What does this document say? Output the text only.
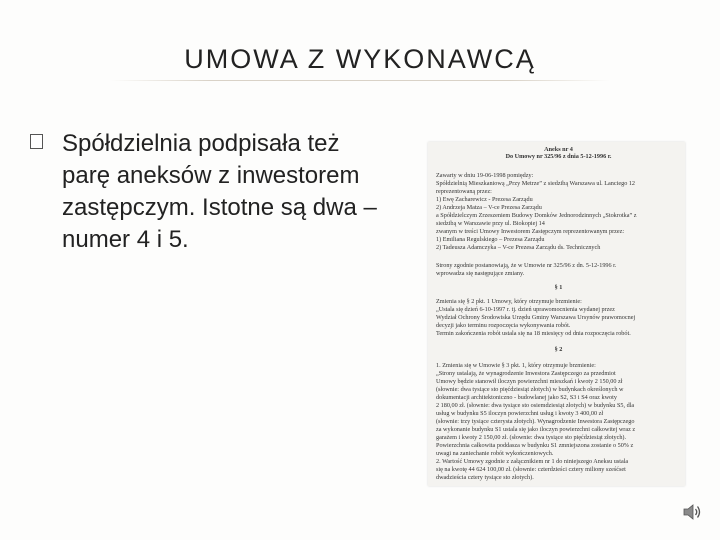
UMOWA Z WYKONAWCĄ
Spółdzielnia podpisała też parę aneksów z inwestorem zastępczym. Istotne są dwa – numer 4 i 5.
Aneks nr 4
Do Umowy nr 325/96 z dnia 5-12-1996 r.
Zawarty w dniu 19-06-1998 pomiędzy:
Spółdzielnią Mieszkaniową „Przy Metrze” z siedzibą Warszawa ul. Lanciego 12
reprezentowaną przez:
1) Ewę Zacharewicz - Prezesa Zarządu
2) Andrzeja Matza – V-ce Prezesa Zarządu
a Spółdzielczym Zrzeszeniem Budowy Domków Jednorodzinnych „Stokrotka” z
siedzibą w Warszawie przy ul. Biokopiej 14
zwanym w treści Umowy Inwestorem Zastępczym reprezentowanym przez:
1) Emiliana Regulskiego – Prezesa Zarządu
2) Tadeusza Adamczyka – V-ce Prezesa Zarządu ds. Technicznych
Strony zgodnie postanowiają, że w Umowie nr 325/96 z dn. 5-12-1996 r.
wprowadza się następujące zmiany.
§ 1
Zmienia się § 2 pkt. 1 Umowy, który otrzymuje brzmienie:
„Ustala się dzień 6-10-1997 r. tj. dzień uprawomocnienia wydanej przez
Wydział Ochrony Środowiska Urzędu Gminy Warszawa Ursynów prawomocnej
decyzji jako terminu rozpoczęcia wykonywania robót.
Termin zakończenia robót ustala się na 18 miesięcy od dnia rozpoczęcia robót.
§ 2
1. Zmienia się w Umowie § 3 pkt. 1, który otrzymuje brzmienie:
„Strony ustalają, że wynagrodzenie Inwestora Zastępczego za przedmiot
Umowy będzie stanowił iloczyn powierzchni mieszkań i kwoty 2 150,00 zł
(słownie: dwa tysiące sto pięćdziesiąt złotych) w budynkach określonych w
dokumentacji architektoniczno - budowlanej jako S2, S3 i S4 oraz kwoty
2 180,00 zł. (słownie: dwa tysiące sto osiemdziesiąt złotych) w budynku S5, dla
usług w budynku S5 iloczyn powierzchni usług i kwoty 3 400,00 zł
(słownie: trzy tysiące czterysta złotych). Wynagrodzenie Inwestora Zastępczego
za wykonanie budynku S1 ustala się jako iloczyn powierzchni całkowitej wraz z
garażem i kwoty 2 150,00 zł. (słownie: dwa tysiące sto pięćdziesiąt złotych).
Powierzchnia całkowita poddasza w budynku S1 zmniejszona zostanie o 50% z
uwagi na zaniechanie robót wykończeniowych.
2. Wartość Umowy zgodnie z załącznikiem nr 1 do niniejszego Aneksu ustala
się na kwotę 44 624 100,00 zł. (słownie: czterdzieści cztery miliony sześćset
dwadzieścia cztery tysiące sto złotych).
